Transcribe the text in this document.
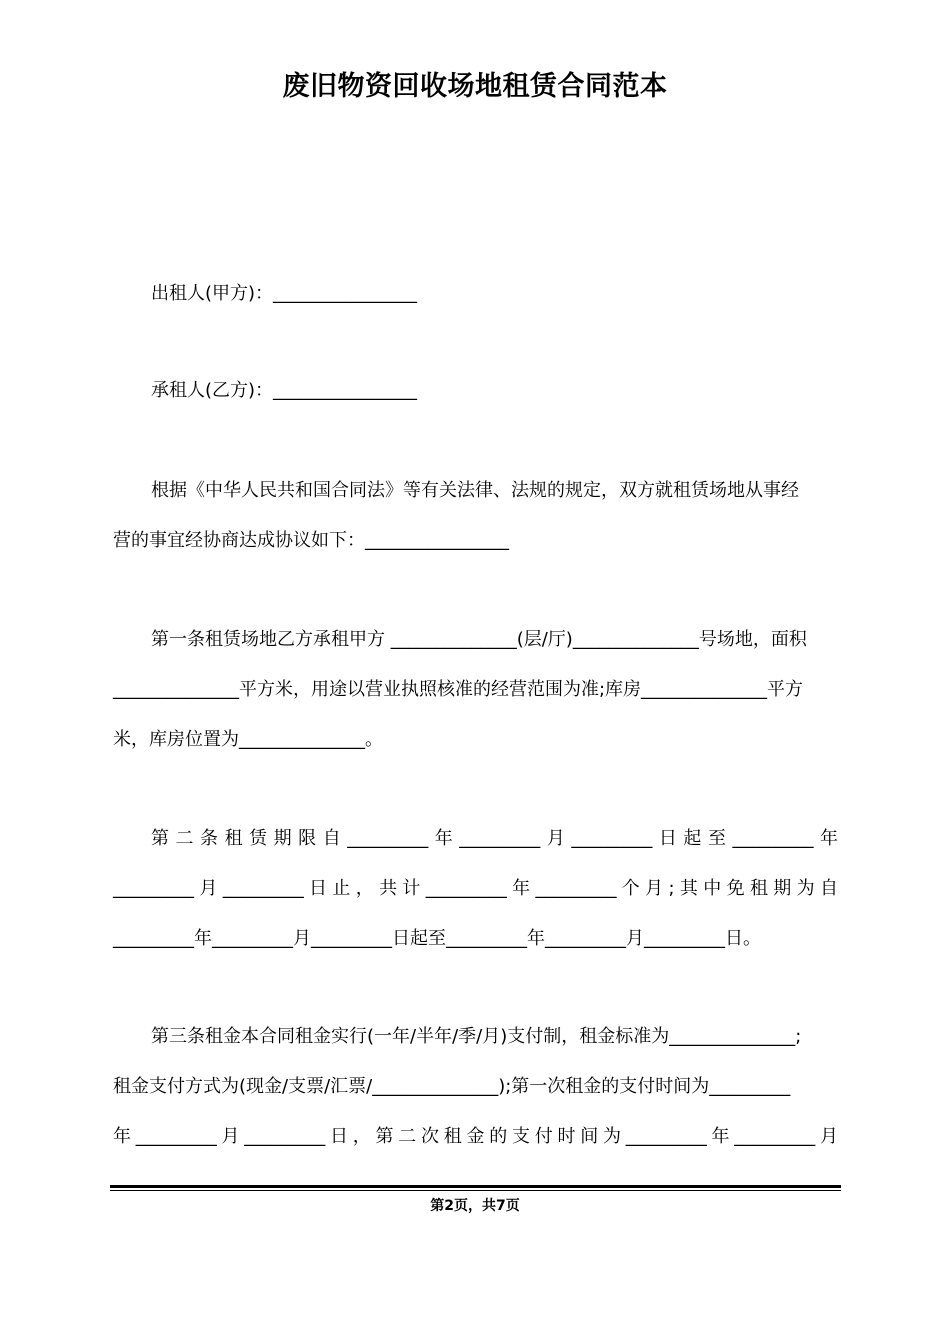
废旧物资回收场地租赁合同范本

出租人(甲方)：________________

承租人(乙方)：________________

根据《中华人民共和国合同法》等有关法律、法规的规定，双方就租赁场地从事经
营的事宜经协商达成协议如下：________________
第一条租赁场地乙方承租甲方 ______________(层/厅)______________号场地，面积
______________平方米，用途以营业执照核准的经营范围为准;库房______________平方
米，库房位置为______________。
第二条租赁期限自_________年_________月_________日起至_________年
_________月_________日止，共计_________年_________个月;其中免租期为自
_________年_________月_________日起至_________年_________月_________日。
第三条租金本合同租金实行(一年/半年/季/月)支付制，租金标准为______________;
租金支付方式为(现金/支票/汇票/______________);第一次租金的支付时间为_________
年_________月_________日，第二次租金的支付时间为_________年_________月
第2页，共7页
